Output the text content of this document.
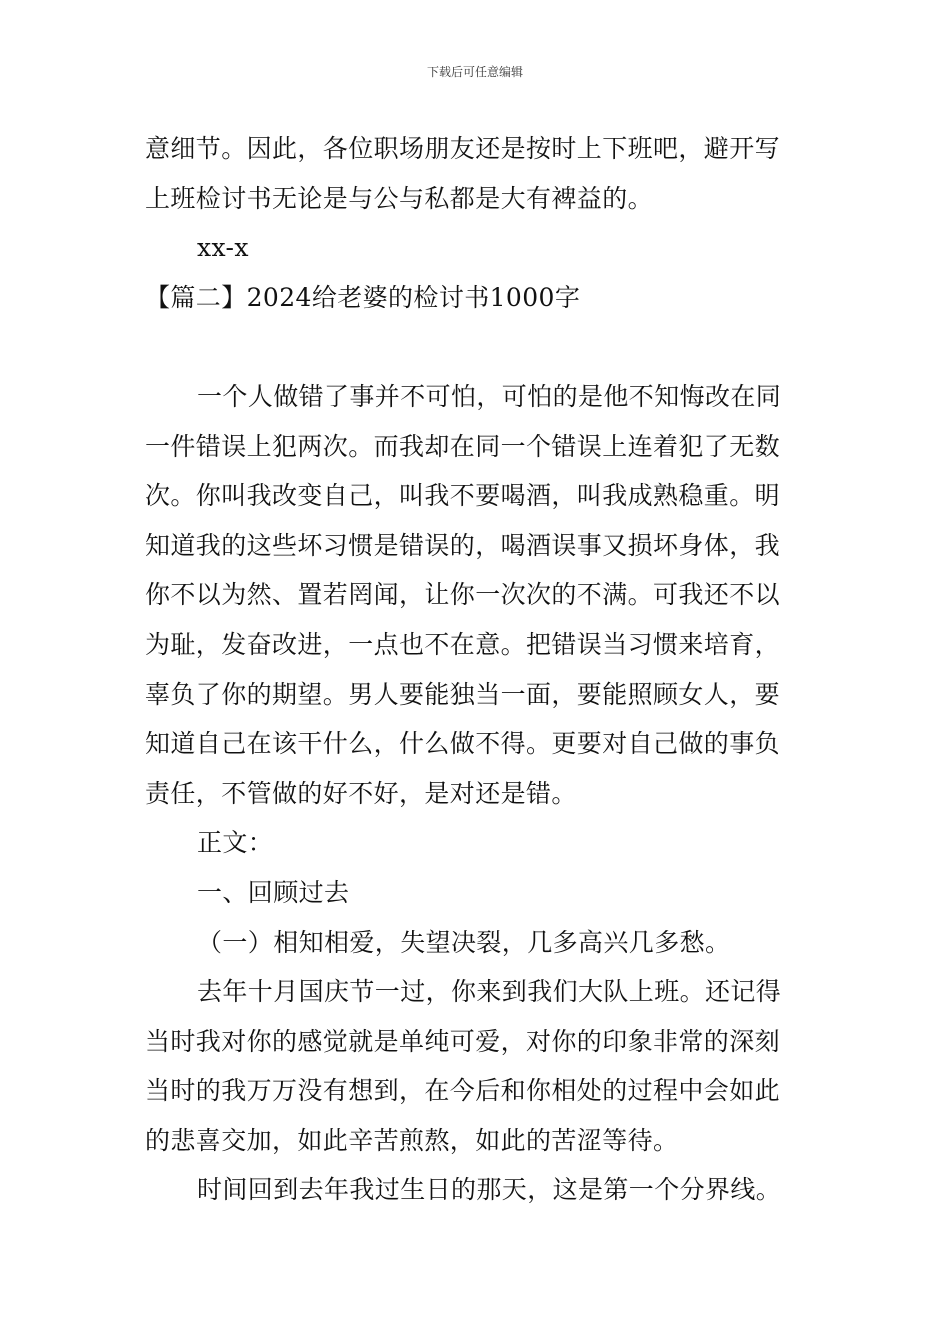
下载后可任意编辑
意细节。因此，各位职场朋友还是按时上下班吧，避开写
上班检讨书无论是与公与私都是大有裨益的。
xx-x
【篇二】2024给老婆的检讨书1000字
一个人做错了事并不可怕，可怕的是他不知悔改在同
一件错误上犯两次。而我却在同一个错误上连着犯了无数
次。你叫我改变自己，叫我不要喝酒，叫我成熟稳重。明
知道我的这些坏习惯是错误的，喝酒误事又损坏身体，我
你不以为然、置若罔闻，让你一次次的不满。可我还不以
为耻，发奋改进，一点也不在意。把错误当习惯来培育，
辜负了你的期望。男人要能独当一面，要能照顾女人，要
知道自己在该干什么，什么做不得。更要对自己做的事负
责任，不管做的好不好，是对还是错。
正文：
一、回顾过去
（一）相知相爱，失望决裂，几多高兴几多愁。
去年十月国庆节一过，你来到我们大队上班。还记得
当时我对你的感觉就是单纯可爱，对你的印象非常的深刻
当时的我万万没有想到，在今后和你相处的过程中会如此
的悲喜交加，如此辛苦煎熬，如此的苦涩等待。
时间回到去年我过生日的那天，这是第一个分界线。
